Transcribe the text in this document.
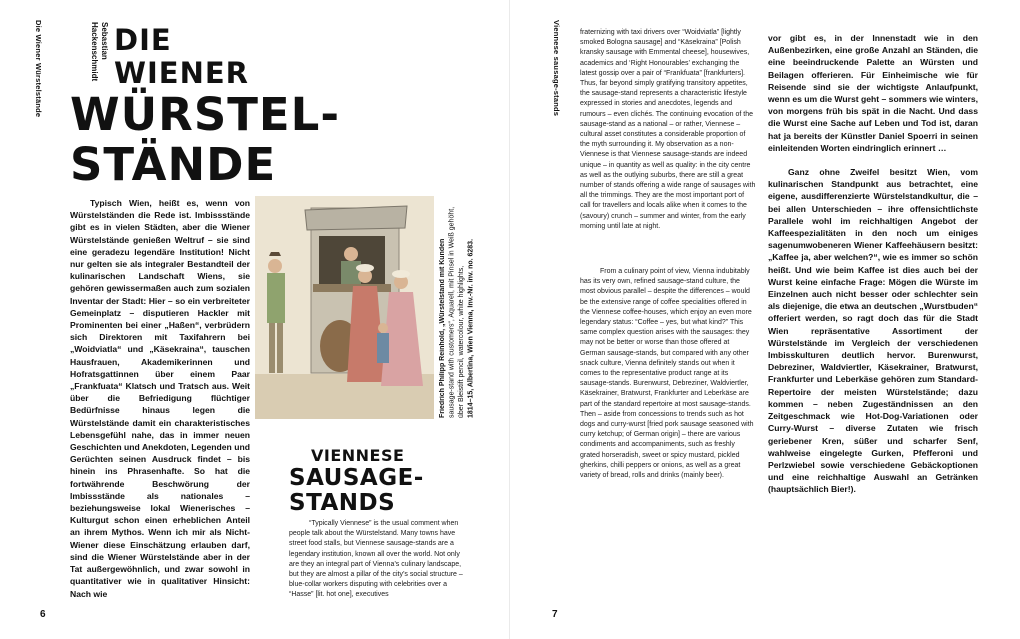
Die Wiener Würstelstände	Sebastian
Hackenschmidt DIE
WIENER
WÜRSTEL-
STÄNDE

Typisch Wien, heißt es, wenn von Würstelständen die Rede ist. Imbissstände gibt es in vielen Städten, aber die Wiener Würstelstände genießen Weltruf – sie sind eine geradezu legendäre Institution! Nicht nur gelten sie als integraler Bestandteil der kulinarischen Landschaft Wiens, sie gehören gewissermaßen auch zum sozialen Inventar der Stadt: Hier – so ein verbreiteter Gemeinplatz – disputieren Hackler mit Prominenten bei einer „Haßen“, verbrüdern sich Direktoren mit Taxifahrern bei „Woidviatla“ und „Käsekraina“, tauschen Hausfrauen, Akademikerinnen und Hofratsgattinnen über einem Paar „Frankfuata“ Klatsch und Tratsch aus. Weit über die Befriedigung flüchtiger Bedürfnisse hinaus legen die Würstelstände damit ein charakteristisches Lebensgefühl nahe, das in immer neuen Geschichten und Anekdoten, Legenden und Gerüchten seinen Ausdruck findet – bis hinein ins Phrasenhafte. So hat die fortwährende Beschwörung der Imbissstände als nationales – beziehungsweise lokal Wienerisches – Kulturgut schon einen erheblichen Anteil an ihrem Mythos. Wenn ich mir als Nicht-Wiener diese Einschätzung erlauben darf, sind die Wiener Würstelstände aber in der Tat außergewöhnlich, und zwar sowohl in quantitativer wie in qualitativer Hinsicht: Nach wie

Friedrich Philipp Reinhold, „Würstelstand mit Kunden sausage-stand with customers“, Aquarell, mit Pinsel in Weiß gehöht, über Bleistift pencil, watercolour, white highlights, 1814–15, Albertina, Wien Vienna, Inv.-Nr. inv. no. 6283.
VIENNESE
SAUSAGE-
STANDS

“Typically Viennese” is the usual comment when people talk about the Würstelstand. Many towns have street food stalls, but Viennese sausage-stands are a legendary institution, known all over the world. Not only are they an integral part of Vienna’s culinary landscape, but they are almost a pillar of the city’s social structure – blue-collar workers disputing with celebrities over a “Hasse” [lit. hot one], executives

6
Viennese sausage-stands
7

fraternizing with taxi drivers over “Woidviatla” [lightly smoked Bologna sausage] and “Käsekraina” [Polish kransky sausage with Emmental cheese], housewives, academics and ‘Right Honourables’ exchanging the latest gossip over a pair of “Frankfuata” [frankfurters]. Thus, far beyond simply gratifying transitory appetites, the sausage-stand represents a characteristic lifestyle expressed in stories and anecdotes, legends and rumours – even clichés. The continuing evocation of the sausage-stand as a national – or rather, Viennese – cultural asset constitutes a considerable proportion of the myth surrounding it. My observation as a non-Viennese is that Viennese sausage-stands are indeed unique – in quantity as well as quality: in the city centre as well as the outlying suburbs, there are still a great number of stands offering a wide range of sausages with all the trimmings. They are the most important port of call for travellers and locals alike when it comes to the (savoury) crunch – summer and winter, from the early morning until late at night.

From a culinary point of view, Vienna indubitably has its very own, refined sausage-stand culture, the most obvious parallel – despite the differences – would be the extensive range of coffee specialities offered in the Viennese coffee-houses, which enjoy an even more legendary status: “Coffee – yes, but what kind?” This same complex question arises with the sausages: they may not be better or worse than those offered at German sausage-stands, but compared with any other snack culture, Vienna definitely stands out when it comes to the representative product range at its sausage-stands. Burenwurst, Debreziner, Waldviertler, Käsekrainer, Bratwurst, Frankfurter and Leberkäse are part of the standard repertoire at most sausage-stands. Then – aside from concessions to trends such as hot dogs and curry-wurst [fried pork sausage seasoned with curry ketchup; of German origin] – there are various condiments and accompaniments, such as freshly grated horseradish, sweet or spicy mustard, pickled gherkins, chilli peppers or onions, as well as a great variety of bread, rolls and drinks (mainly beer).

vor gibt es, in der Innenstadt wie in den Außenbezirken, eine große Anzahl an Ständen, die eine beeindruckende Palette an Würsten und Beilagen offerieren. Für Einheimische wie für Reisende sind sie der wichtigste Anlaufpunkt, wenn es um die Wurst geht – sommers wie winters, von morgens früh bis spät in die Nacht. Und dass die Wurst eine Sache auf Leben und Tod ist, daran hat ja bereits der Künstler Daniel Spoerri in seinen einleitenden Worten eindringlich erinnert …

Ganz ohne Zweifel besitzt Wien, vom kulinarischen Standpunkt aus betrachtet, eine eigene, ausdifferenzierte Würstelstandkultur, die – bei allen Unterschieden – ihre offensichtlichste Parallele wohl im reichhaltigen Angebot der Kaffeespezialitäten in den noch um einiges sagenumwobeneren Wiener Kaffeehäusern besitzt: „Kaffee ja, aber welchen?“, wie es immer so schön heißt. Und wie beim Kaffee ist dies auch bei der Wurst keine einfache Frage: Mögen die Würste im Einzelnen auch nicht besser oder schlechter sein als diejenige, die etwa an deutschen „Wurstbuden“ offeriert werden, so ragt doch das für die Stadt Wien repräsentative Assortiment der Würstelstände im Vergleich der verschiedenen Imbisskulturen deutlich hervor. Burenwurst, Debreziner, Waldviertler, Käsekrainer, Bratwurst, Frankfurter und Leberkäse gehören zum Standard-Repertoire der meisten Würstelstände; dazu kommen – neben Zugeständnissen an den Zeitgeschmack wie Hot-Dog-Variationen oder Curry-Wurst – diverse Zutaten wie frisch geriebener Kren, süßer und scharfer Senf, wahlweise eingelegte Gurken, Pfefferoni und Perlzwiebel sowie verschiedene Gebäckoptionen und eine reichhaltige Auswahl an Getränken (hauptsächlich Bier!).
